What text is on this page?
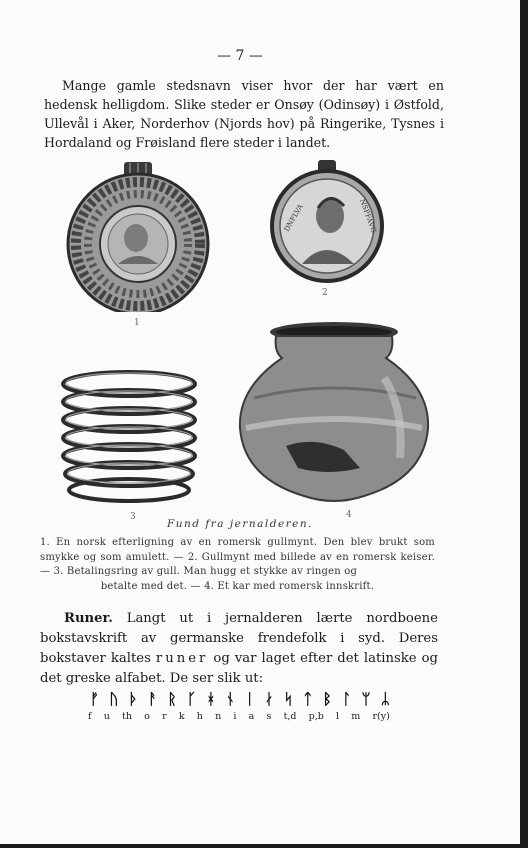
— 7 —

Mange gamle stedsnavn viser hvor der har vært en hedensk helligdom. Slike steder er Onsøy (Odinsøy) i Østfold, Ullevål i Aker, Norderhov (Njords hov) på Ringerike, Tysnes i Hordaland og Frøisland flere steder i landet.

1
DNFLVA	NSPFAVG
2
3	4
Fund fra jernalderen.

1. En norsk efterligning av en romersk gullmynt. Den blev brukt som smykke og som amulett. — 2. Gullmynt med billede av en romersk keiser. — 3. Betalingsring av gull. Man hugg et stykke av ringen og
betalte med det. — 4. Et kar med romersk innskrift.

Runer. Langt ut i jernalderen lærte nordboene bokstavskrift av germanske frendefolk i syd. Deres bokstaver kaltes runer og var laget efter det latinske og det greske alfabet. De ser slik ut:

ᚠ ᚢ ᚦ ᚨ ᚱ ᚴ ᚼ ᚾ ᛁ ᛅ ᛋ ᛏ ᛒ ᛚ ᛘ ᛦ
f u th o r k h n i a s t,d p,b l m r(y)
